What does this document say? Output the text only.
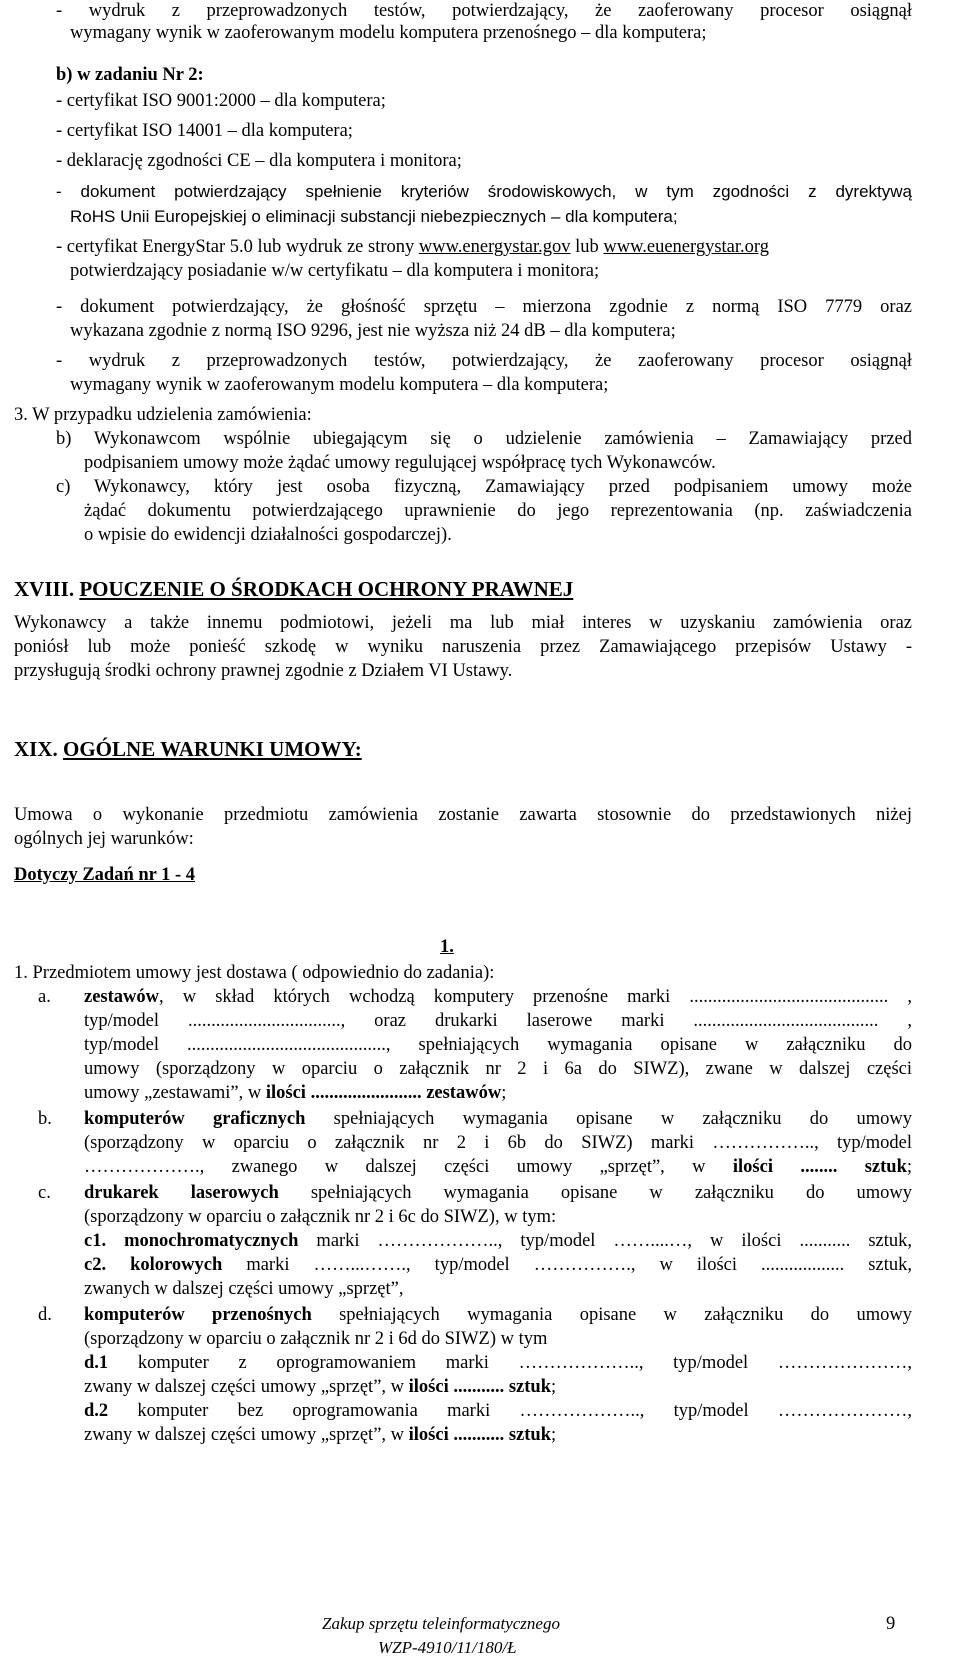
- wydruk z przeprowadzonych testów, potwierdzający, że zaoferowany procesor osiągnął
wymagany wynik w zaoferowanym modelu komputera przenośnego – dla komputera;
b) w zadaniu Nr 2:
- certyfikat ISO 9001:2000 – dla komputera;
- certyfikat ISO 14001 – dla komputera;
- deklarację zgodności CE – dla komputera i monitora;
- dokument potwierdzający spełnienie kryteriów środowiskowych, w tym zgodności z dyrektywą
RoHS Unii Europejskiej o eliminacji substancji niebezpiecznych – dla komputera;
- certyfikat EnergyStar 5.0 lub wydruk ze strony www.energystar.gov lub www.euenergystar.org
potwierdzający posiadanie w/w certyfikatu – dla komputera i monitora;
- dokument potwierdzający, że głośność sprzętu – mierzona zgodnie z normą ISO 7779 oraz
wykazana zgodnie z normą ISO 9296, jest nie wyższa niż 24 dB – dla komputera;
- wydruk z przeprowadzonych testów, potwierdzający, że zaoferowany procesor osiągnął
wymagany wynik w zaoferowanym modelu komputera – dla komputera;
3. W przypadku udzielenia zamówienia:
b) Wykonawcom wspólnie ubiegającym się o udzielenie zamówienia – Zamawiający przed
podpisaniem umowy może żądać umowy regulującej współpracę tych Wykonawców.
c) Wykonawcy, który jest osoba fizyczną, Zamawiający przed podpisaniem umowy może
żądać dokumentu potwierdzającego uprawnienie do jego reprezentowania (np. zaświadczenia
o wpisie do ewidencji działalności gospodarczej).
XVIII. POUCZENIE O ŚRODKACH OCHRONY PRAWNEJ
Wykonawcy a także innemu podmiotowi, jeżeli ma lub miał interes w uzyskaniu zamówienia oraz
poniósł lub może ponieść szkodę w wyniku naruszenia przez Zamawiającego przepisów Ustawy -
przysługują środki ochrony prawnej zgodnie z Działem VI Ustawy.
XIX. OGÓLNE WARUNKI UMOWY:
Umowa o wykonanie przedmiotu zamówienia zostanie zawarta stosownie do przedstawionych niżej
ogólnych jej warunków:
Dotyczy Zadań nr 1 - 4
1.
1. Przedmiotem umowy jest dostawa ( odpowiednio do zadania):
a. zestawów, w skład których wchodzą komputery przenośne marki ........................................... ,
typ/model ................................., oraz drukarki laserowe marki ........................................ ,
typ/model ..........................................., spełniających wymagania opisane w załączniku do
umowy (sporządzony w oparciu o załącznik nr 2 i 6a do SIWZ), zwane w dalszej części
umowy „zestawami”, w ilości ........................ zestawów;
b. komputerów graficznych spełniających wymagania opisane w załączniku do umowy
(sporządzony w oparciu o załącznik nr 2 i 6b do SIWZ) marki …………….., typ/model
………………., zwanego w dalszej części umowy „sprzęt”, w ilości ........ sztuk;
c. drukarek laserowych spełniających wymagania opisane w załączniku do umowy
(sporządzony w oparciu o załącznik nr 2 i 6c do SIWZ), w tym:
c1. monochromatycznych marki ……………….., typ/model ……....…, w ilości ........... sztuk,
c2. kolorowych marki ……...……., typ/model ……………., w ilości .................. sztuk,
zwanych w dalszej części umowy „sprzęt”,
d. komputerów przenośnych spełniających wymagania opisane w załączniku do umowy
(sporządzony w oparciu o załącznik nr 2 i 6d do SIWZ) w tym
d.1 komputer z oprogramowaniem marki ……………….., typ/model …………………,
zwany w dalszej części umowy „sprzęt”, w ilości ........... sztuk;
d.2 komputer bez oprogramowania marki ……………….., typ/model …………………,
zwany w dalszej części umowy „sprzęt”, w ilości ........... sztuk;
Zakup sprzętu teleinformatycznego
WZP-4910/11/180/Ł
9
